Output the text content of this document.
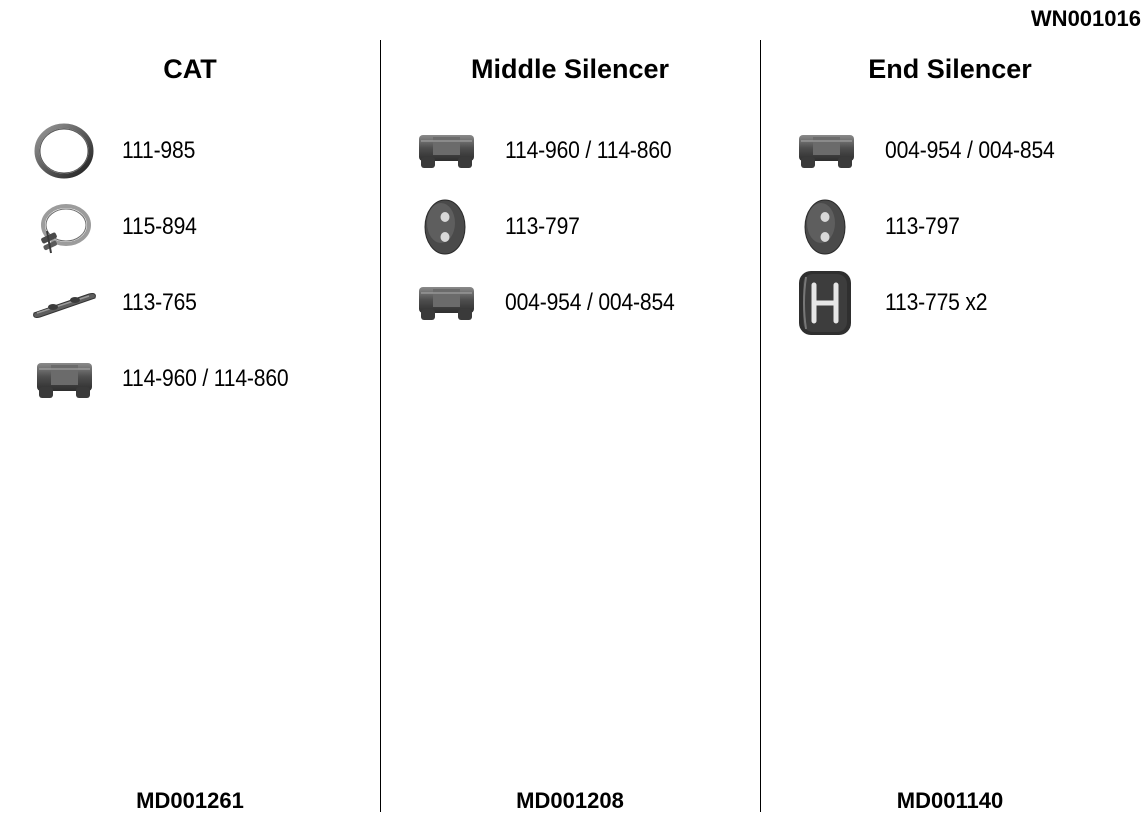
WN001016
CAT
111-985
115-894
113-765
114-960 / 114-860
MD001261
Middle Silencer
114-960 / 114-860
113-797
004-954 / 004-854
MD001208
End Silencer
004-954 / 004-854
113-797
113-775 x2
MD001140
